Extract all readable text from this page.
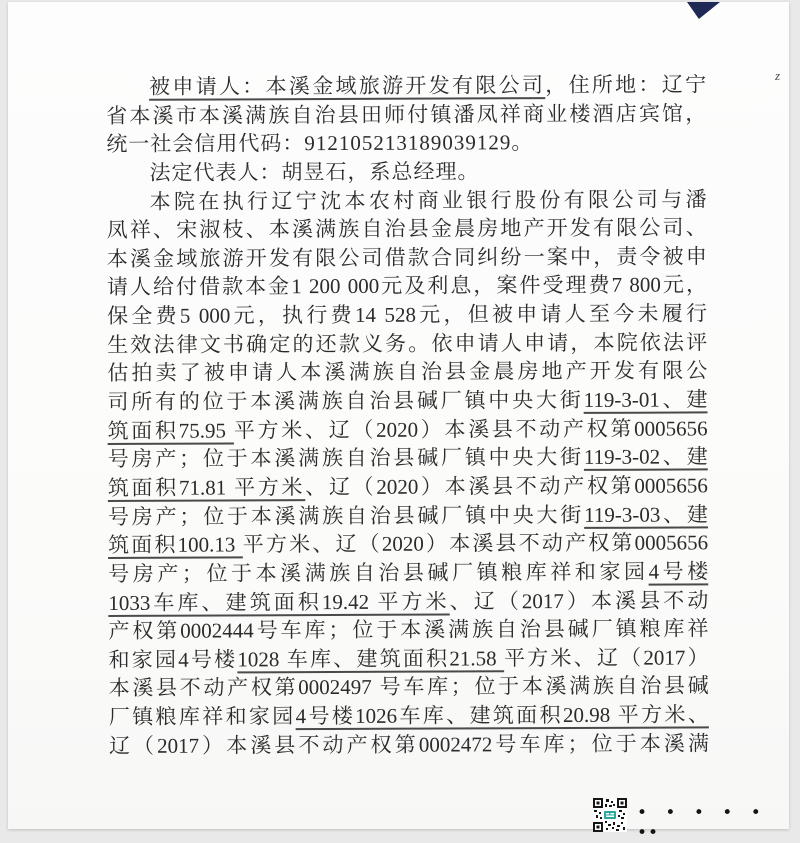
z
被申请人：本溪金域旅游开发有限公司，住所地：辽宁
省本溪市本溪满族自治县田师付镇潘凤祥商业楼酒店宾馆，
统一社会信用代码：912105213189039129。
法定代表人：胡昱石，系总经理。
本院在执行辽宁沈本农村商业银行股份有限公司与潘
凤祥、宋淑枝、本溪满族自治县金晨房地产开发有限公司、
本溪金域旅游开发有限公司借款合同纠纷一案中，责令被申
请人给付借款本金1 200 000元及利息，案件受理费7 800元，
保全费5 000元，执行费14 528元，但被申请人至今未履行
生效法律文书确定的还款义务。依申请人申请，本院依法评
估拍卖了被申请人本溪满族自治县金晨房地产开发有限公
司所有的位于本溪满族自治县碱厂镇中央大街119-3-01、建
筑面积75.95 平方米、辽（2020）本溪县不动产权第0005656
号房产；位于本溪满族自治县碱厂镇中央大街119-3-02、建
筑面积71.81 平方米、辽（2020）本溪县不动产权第0005656
号房产；位于本溪满族自治县碱厂镇中央大街119-3-03、建
筑面积100.13 平方米、辽（2020）本溪县不动产权第0005656
号房产；位于本溪满族自治县碱厂镇粮库祥和家园4号楼
1033车库、建筑面积19.42 平方米、辽（2017）本溪县不动
产权第0002444号车库；位于本溪满族自治县碱厂镇粮库祥
和家园4号楼1028 车库、建筑面积21.58 平方米、辽（2017）
本溪县不动产权第0002497 号车库；位于本溪满族自治县碱
厂镇粮库祥和家园4号楼1026车库、建筑面积20.98 平方米、
辽（2017）本溪县不动产权第0002472号车库；位于本溪满
• • • • • ••
